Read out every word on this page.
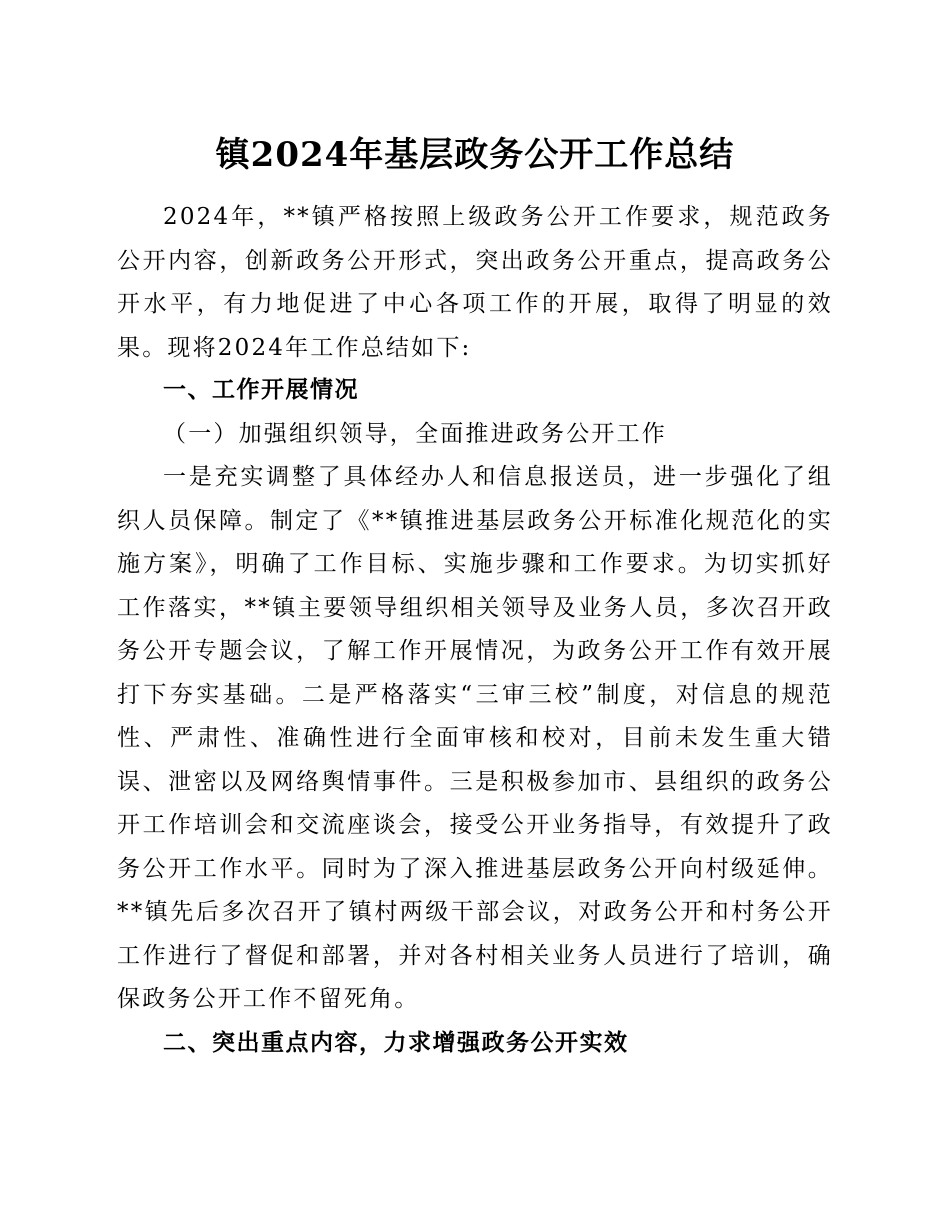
镇2024年基层政务公开工作总结
2024年，**镇严格按照上级政务公开工作要求，规范政务公开内容，创新政务公开形式，突出政务公开重点，提高政务公开水平，有力地促进了中心各项工作的开展，取得了明显的效果。现将2024年工作总结如下:
一、工作开展情况
（一）加强组织领导，全面推进政务公开工作
一是充实调整了具体经办人和信息报送员，进一步强化了组织人员保障。制定了《**镇推进基层政务公开标准化规范化的实施方案》，明确了工作目标、实施步骤和工作要求。为切实抓好工作落实，**镇主要领导组织相关领导及业务人员，多次召开政务公开专题会议，了解工作开展情况，为政务公开工作有效开展打下夯实基础。二是严格落实“三审三校”制度，对信息的规范性、严肃性、准确性进行全面审核和校对，目前未发生重大错误、泄密以及网络舆情事件。三是积极参加市、县组织的政务公开工作培训会和交流座谈会，接受公开业务指导，有效提升了政务公开工作水平。同时为了深入推进基层政务公开向村级延伸。**镇先后多次召开了镇村两级干部会议，对政务公开和村务公开工作进行了督促和部署，并对各村相关业务人员进行了培训，确保政务公开工作不留死角。
二、突出重点内容，力求增强政务公开实效
